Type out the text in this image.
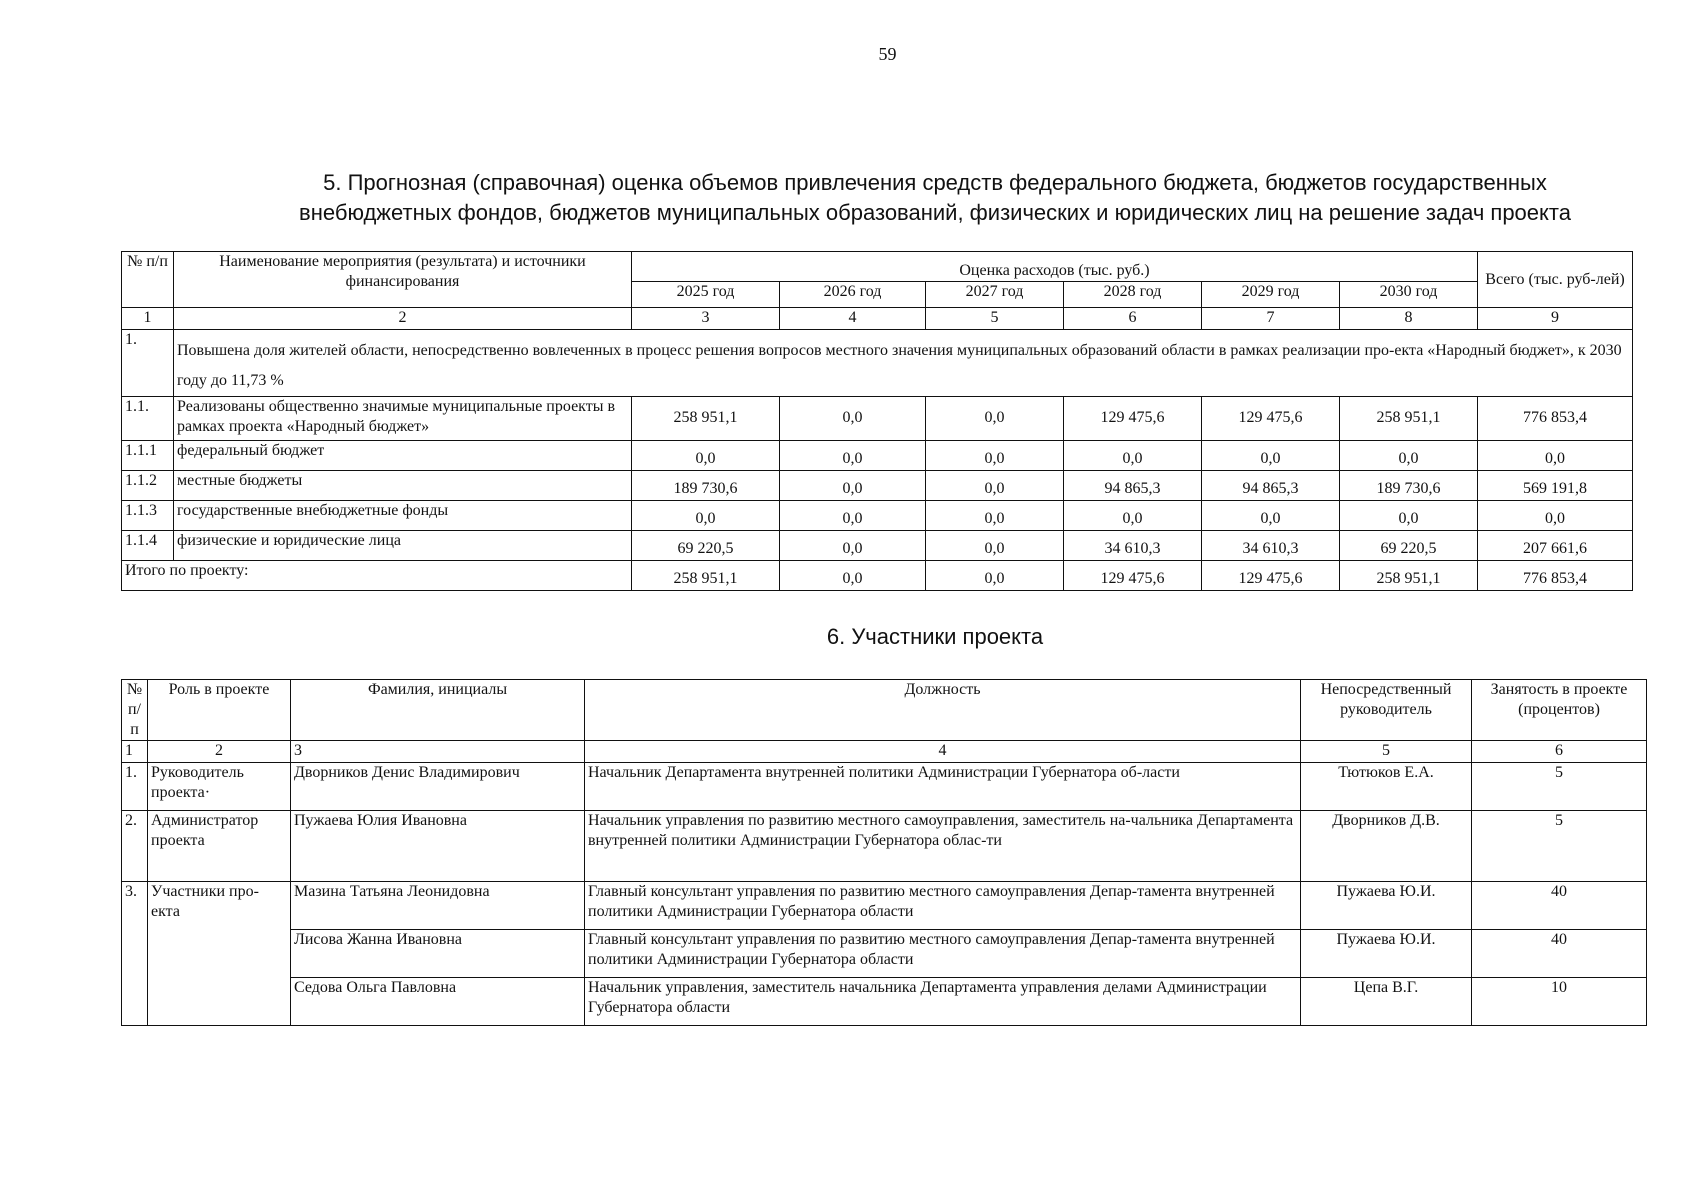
59
5. Прогнозная (справочная) оценка объемов привлечения средств федерального бюджета, бюджетов государственных
внебюджетных фондов, бюджетов муниципальных образований, физических и юридических лиц на решение задач проекта
№ п/п	Наименование мероприятия (результата) и источники финансирования	Оценка расходов (тыс. руб.)						Всего (тыс. руб-лей)
		2025 год	2026 год	2027 год	2028 год	2029 год	2030 год	
1	2	3	4	5	6	7	8	9
1.	Повышена доля жителей области, непосредственно вовлеченных в процесс решения вопросов местного значения муниципальных образований области в рамках реализации про-екта «Народный бюджет», к 2030 году до 11,73 %							
1.1.	Реализованы общественно значимые муниципальные проекты в рамках проекта «Народный бюджет»	258 951,1	0,0	0,0	129 475,6	129 475,6	258 951,1	776 853,4
1.1.1	федеральный бюджет	0,0	0,0	0,0	0,0	0,0	0,0	0,0
1.1.2	местные бюджеты	189 730,6	0,0	0,0	94 865,3	94 865,3	189 730,6	569 191,8
1.1.3	государственные внебюджетные фонды	0,0	0,0	0,0	0,0	0,0	0,0	0,0
1.1.4	физические и юридические лица	69 220,5	0,0	0,0	34 610,3	34 610,3	69 220,5	207 661,6
Итого по проекту:		258 951,1	0,0	0,0	129 475,6	129 475,6	258 951,1	776 853,4
6. Участники проекта
№ п/п	Роль в проекте	Фамилия, инициалы	Должность	Непосредственный руководитель	Занятость в проекте (процентов)
1	2	3	4	5	6
1.	Руководитель проекта·	Дворников Денис Владимирович	Начальник Департамента внутренней политики Администрации Губернатора об-ласти	Тютюков Е.А.	5
2.	Администратор проекта	Пужаева Юлия Ивановна	Начальник управления по развитию местного самоуправления, заместитель на-чальника Департамента внутренней политики Администрации Губернатора облас-ти	Дворников Д.В.	5
3.	Участники про-екта	Мазина Татьяна Леонидовна	Главный консультант управления по развитию местного самоуправления Депар-тамента внутренней политики Администрации Губернатора области	Пужаева Ю.И.	40
		Лисова Жанна Ивановна	Главный консультант управления по развитию местного самоуправления Депар-тамента внутренней политики Администрации Губернатора области	Пужаева Ю.И.	40
		Седова Ольга Павловна	Начальник управления, заместитель начальника Департамента управления делами Администрации Губернатора области	Цепа В.Г.	10
